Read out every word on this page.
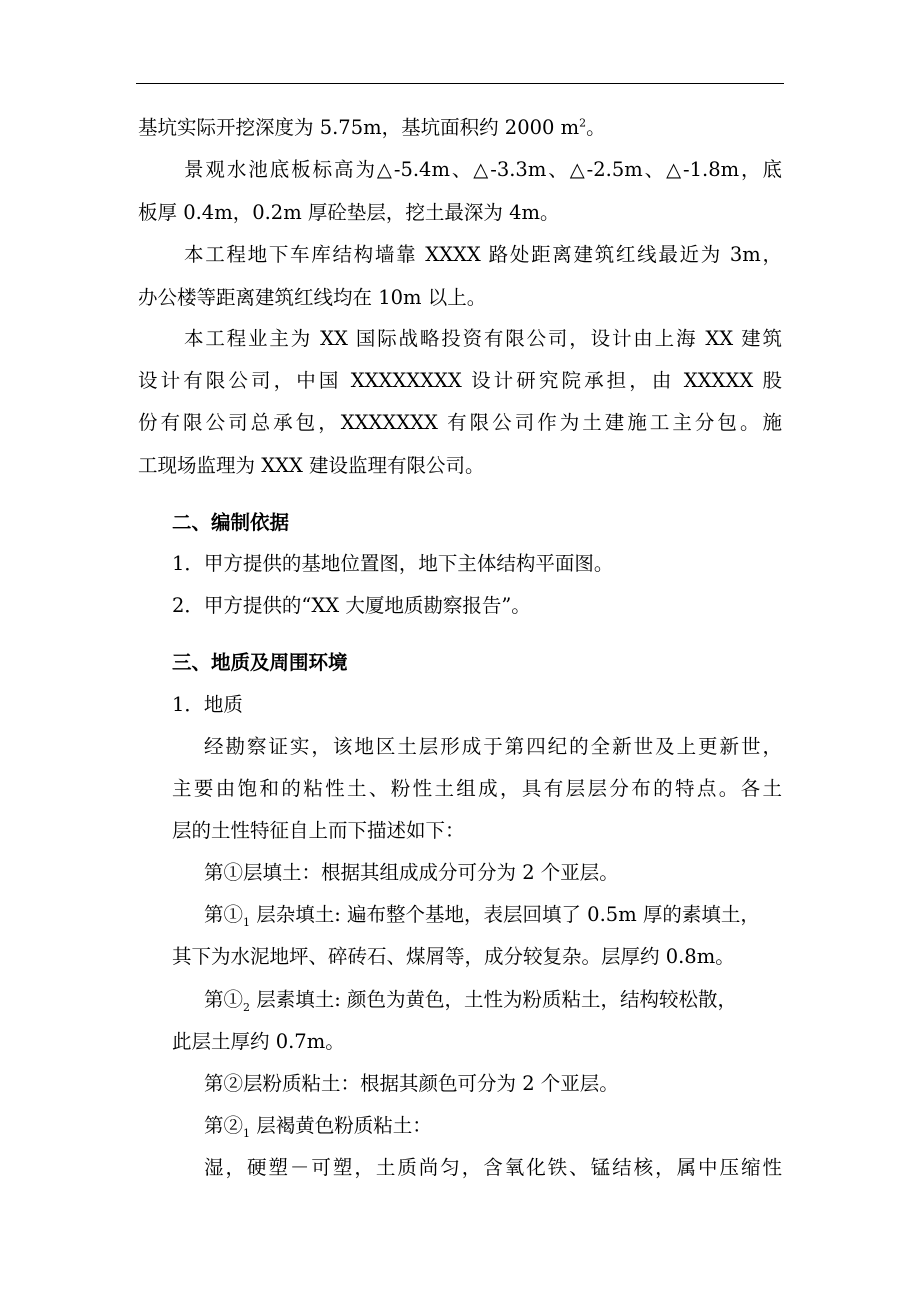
基坑实际开挖深度为 5.75m，基坑面积约 2000 $m^2$。
景观水池底板标高为△-5.4m、△-3.3m、△-2.5m、△-1.8m，底
板厚 0.4m，0.2m 厚砼垫层，挖土最深为 4m。
本工程地下车库结构墙靠 XXXX 路处距离建筑红线最近为 3m，
办公楼等距离建筑红线均在 10m 以上。
本工程业主为 XX 国际战略投资有限公司，设计由上海 XX 建筑
设计有限公司，中国 XXXXXXXX 设计研究院承担，由 XXXXX 股
份有限公司总承包，XXXXXXX 有限公司作为土建施工主分包。施
工现场监理为 XXX 建设监理有限公司。
二、编制依据
1．甲方提供的基地位置图，地下主体结构平面图。
2．甲方提供的“XX 大厦地质勘察报告”。
三、地质及周围环境
1．地质
经勘察证实，该地区土层形成于第四纪的全新世及上更新世，
主要由饱和的粘性土、粉性土组成，具有层层分布的特点。各土
层的土性特征自上而下描述如下：
第①层填土：根据其组成成分可分为 2 个亚层。
第$①_1$ 层杂填土: 遍布整个基地，表层回填了 0.5m 厚的素填土，
其下为水泥地坪、碎砖石、煤屑等，成分较复杂。层厚约 0.8m。
第$①_2$ 层素填土: 颜色为黄色，土性为粉质粘土，结构较松散，
此层土厚约 0.7m。
第②层粉质粘土：根据其颜色可分为 2 个亚层。
第$②_1$ 层褐黄色粉质粘土：
湿，硬塑－可塑，土质尚匀，含氧化铁、锰结核，属中压缩性
